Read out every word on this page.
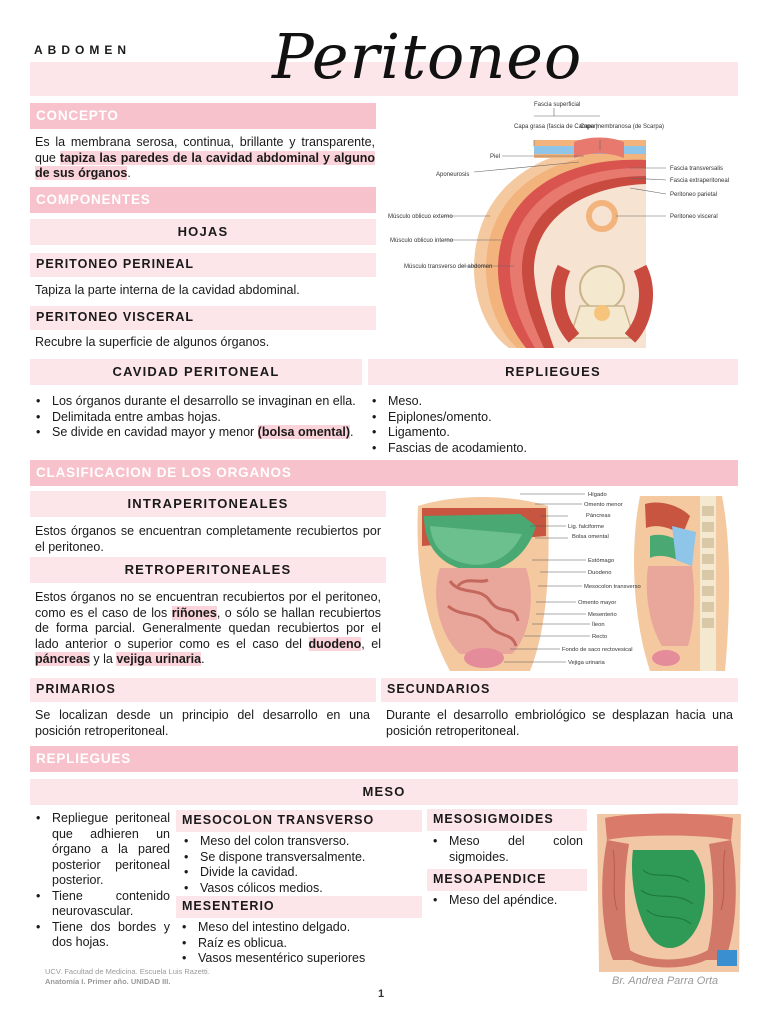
ABDOMEN Peritoneo
CONCEPTO
Es la membrana serosa, continua, brillante y transparente, que tapiza las paredes de la cavidad abdominal y alguno de sus órganos.
COMPONENTES
HOJAS
PERITONEO PERINEAL
Tapiza la parte interna de la cavidad abdominal.
PERITONEO VISCERAL
Recubre la superficie de algunos órganos.
Fascia superficial
Capa grasa (fascia de Camper)
Capa membranosa (de Scarpa)
Piel
Aponeurosis
Músculo oblicuo externo
Músculo oblicuo interno
Músculo transverso del abdomen
Fascia transversalis
Fascia extraperitoneal
Peritoneo parietal
Peritoneo visceral
CAVIDAD PERITONEAL	REPLIEGUES
• Los órganos durante el desarrollo se invaginan en ella.
• Delimitada entre ambas hojas.
• Se divide en cavidad mayor y menor (bolsa omental).
• Meso.
• Epiplones/omento.
• Ligamento.
• Fascias de acodamiento.
CLASIFICACION DE LOS ORGANOS
INTRAPERITONEALES
Estos órganos se encuentran completamente recubiertos por el peritoneo.
RETROPERITONEALES
Estos órganos no se encuentran recubiertos por el peritoneo, como es el caso de los riñones, o sólo se hallan recubiertos de forma parcial. Generalmente quedan recubiertos por el lado anterior o superior como es el caso del duodeno, el páncreas y la vejiga urinaria.
Hígado
Omento menor
Páncreas
Lig. falciforme
Bolsa omental
Estómago
Duodeno
Mesocolon transverso
Omento mayor
Mesenterio
Íleon
Recto
Fondo de saco rectovesical
Vejiga urinaria
PRIMARIOS	SECUNDARIOS
Se localizan desde un principio del desarrollo en una posición retroperitoneal.
Durante el desarrollo embriológico se desplazan hacia una posición retroperitoneal.
REPLIEGUES
MESO
• Repliegue peritoneal que adhieren un órgano a la pared posterior peritoneal posterior.
• Tiene contenido neurovascular.
• Tiene dos bordes y dos hojas.
MESOCOLON TRANSVERSO
• Meso del colon transverso.
• Se dispone transversalmente.
• Divide la cavidad.
• Vasos cólicos medios.
MESENTERIO
• Meso del intestino delgado.
• Raíz es oblicua.
• Vasos mesentérico superiores
MESOSIGMOIDES
• Meso del colon sigmoides.
MESOAPENDICE
• Meso del apéndice.
UCV. Facultad de Medicina. Escuela Luis Razetti.
Anatomía I. Primer año. UNIDAD III.	Br. Andrea Parra Orta
1
